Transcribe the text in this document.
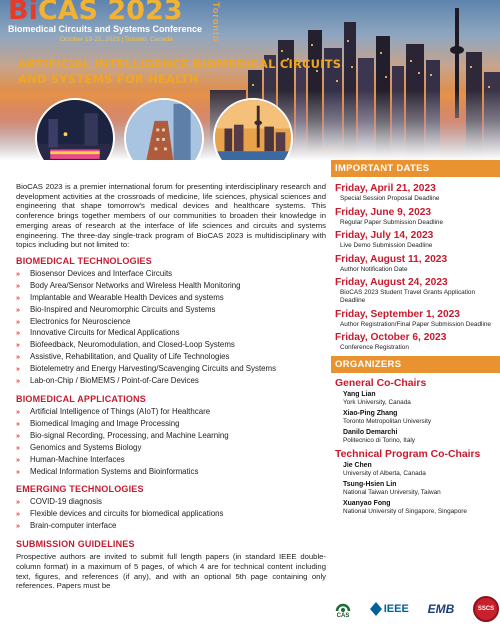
BiCAS 2023	Toronto
Biomedical Circuits and Systems Conference
October 19-21, 2023 | Toronto, Canada
ARTIFICIAL INTELLIGENCE BIOMEDICAL CIRCUITS AND SYSTEMS FOR HEALTH

BioCAS 2023 is a premier international forum for presenting interdisciplinary research and development activities at the crossroads of medicine, life sciences, physical sciences and engineering that shape tomorrow's medical devices and healthcare systems. This conference brings together members of our communities to broaden their knowledge in emerging areas of research at the interface of life sciences and circuits and systems engineering. The three-day single-track program of BioCAS 2023 is multidisciplinary with topics including but not limited to:

BIOMEDICAL TECHNOLOGIES
» Biosensor Devices and Interface Circuits
» Body Area/Sensor Networks and Wireless Health Monitoring
» Implantable and Wearable Health Devices and systems
» Bio-Inspired and Neuromorphic Circuits and Systems
» Electronics for Neuroscience
» Innovative Circuits for Medical Applications
» Biofeedback, Neuromodulation, and Closed-Loop Systems
» Assistive, Rehabilitation, and Quality of Life Technologies
» Biotelemetry and Energy Harvesting/Scavenging Circuits and Systems
» Lab-on-Chip / BioMEMS / Point-of-Care Devices
BIOMEDICAL APPLICATIONS
» Artificial Intelligence of Things (AIoT) for Healthcare
» Biomedical Imaging and Image Processing
» Bio-signal Recording, Processing, and Machine Learning
» Genomics and Systems Biology
» Human-Machine Interfaces
» Medical Information Systems and Bioinformatics
EMERGING TECHNOLOGIES
» COVID-19 diagnosis
» Flexible devices and circuits for biomedical applications
» Brain-computer interface
SUBMISSION GUIDELINES

Prospective authors are invited to submit full length papers (in standard IEEE double-column format) in a maximum of 5 pages, of which 4 are for technical content including text, figures, and references (if any), and with an optional 5th page containing only references. Papers must be

IMPORTANT DATES
Friday, April 21, 2023
Special Session Proposal Deadline
Friday, June 9, 2023
Regular Paper Submission Deadline
Friday, July 14, 2023
Live Demo Submission Deadline
Friday, August 11, 2023
Author Notification Date
Friday, August 24, 2023
BioCAS 2023 Student Travel Grants Application Deadline
Friday, September 1, 2023
Author Registration/Final Paper Submission Deadline
Friday, October 6, 2023
Conference Registration
ORGANIZERS
General Co-Chairs
Yang Lian
York University, Canada
Xiao-Ping Zhang
Toronto Metropolitan University
Danilo Demarchi
Politecnico di Torino, Italy
Technical Program Co-Chairs
Jie Chen
University of Alberta, Canada
Tsung-Hsien Lin
National Taiwan University, Taiwan
Xuanyao Fong
National University of Singapore, Singapore
CAS
IEEE EMB	SSCS
